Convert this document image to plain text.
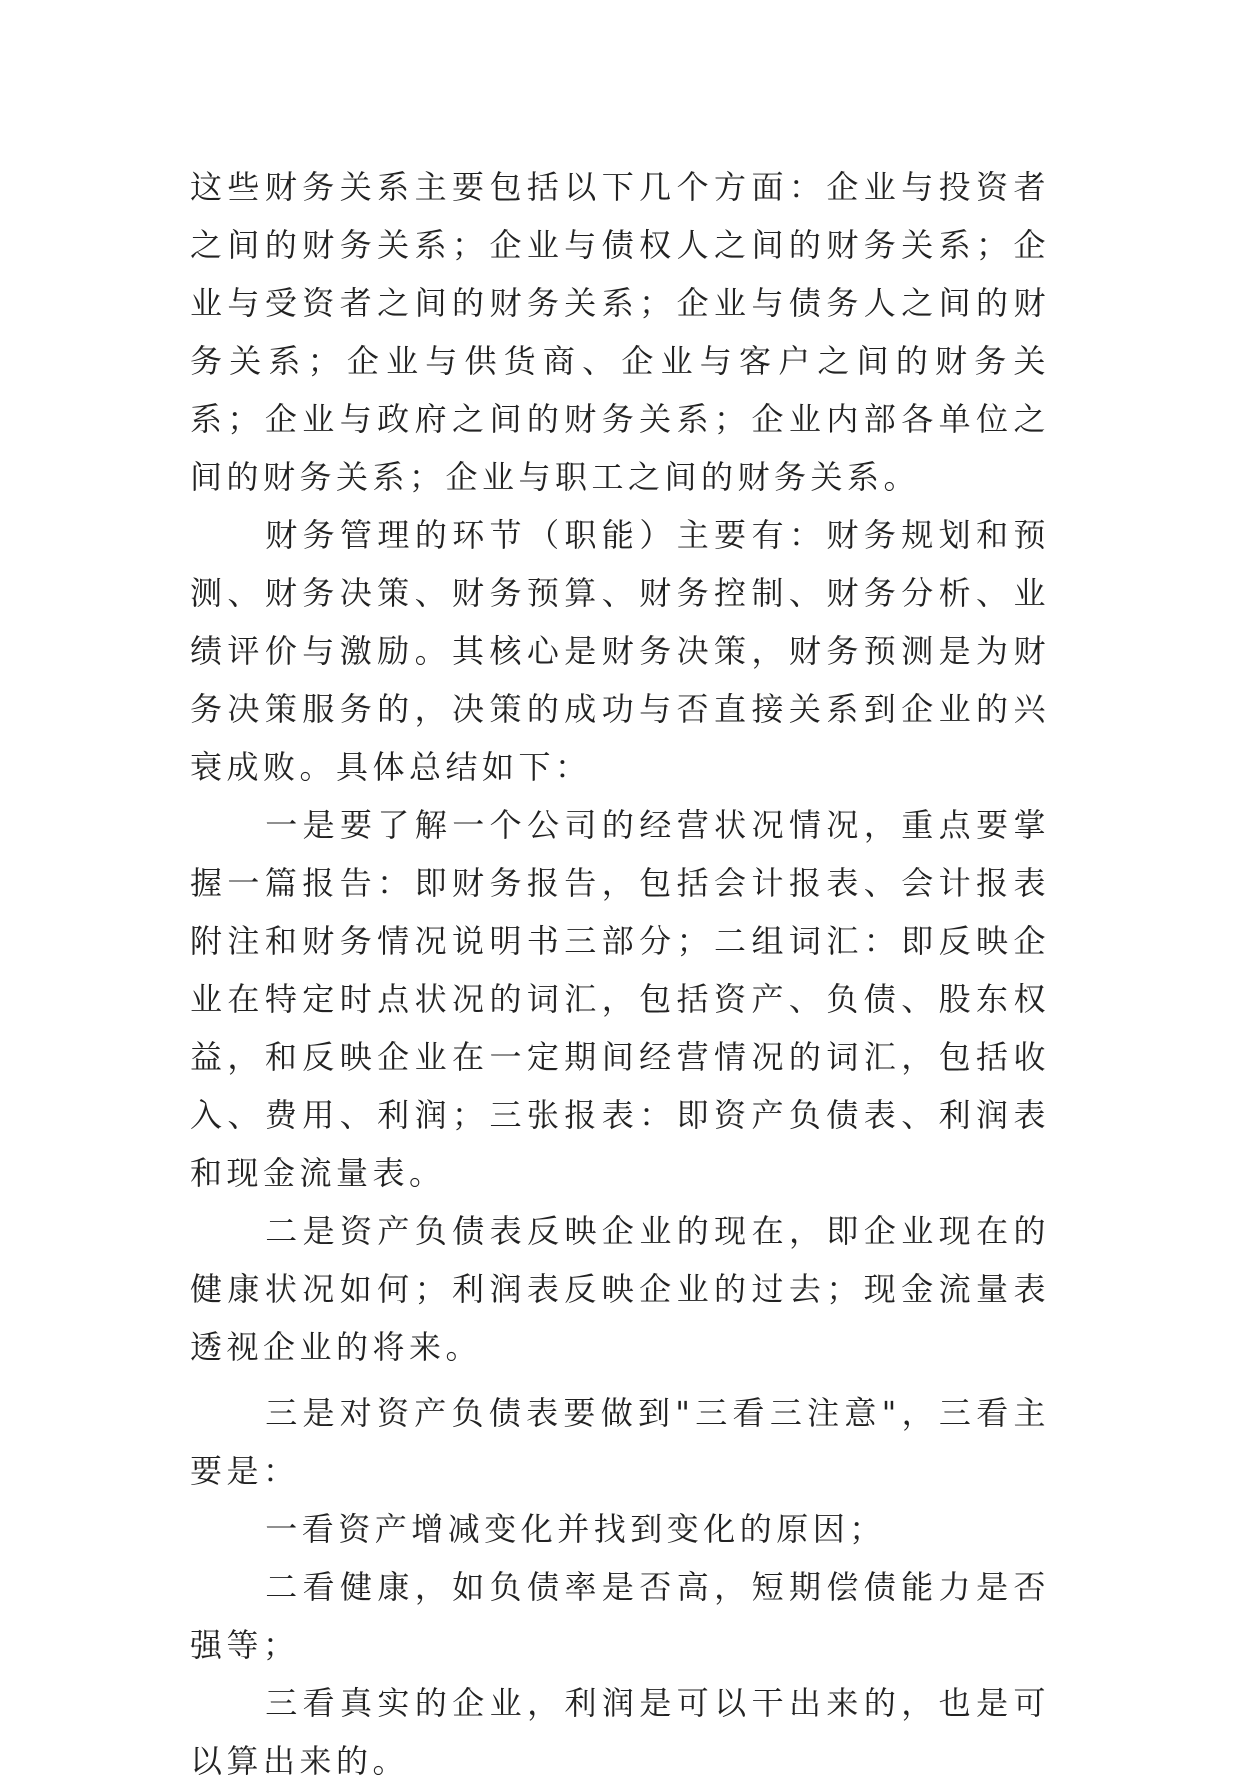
这些财务关系主要包括以下几个方面：企业与投资者之间的财务关系；企业与债权人之间的财务关系；企业与受资者之间的财务关系；企业与债务人之间的财务关系；企业与供货商、企业与客户之间的财务关系；企业与政府之间的财务关系；企业内部各单位之间的财务关系；企业与职工之间的财务关系。

财务管理的环节（职能）主要有：财务规划和预测、财务决策、财务预算、财务控制、财务分析、业绩评价与激励。其核心是财务决策，财务预测是为财务决策服务的，决策的成功与否直接关系到企业的兴衰成败。具体总结如下：

一是要了解一个公司的经营状况情况，重点要掌握一篇报告：即财务报告，包括会计报表、会计报表附注和财务情况说明书三部分；二组词汇：即反映企业在特定时点状况的词汇，包括资产、负债、股东权益，和反映企业在一定期间经营情况的词汇，包括收入、费用、利润；三张报表：即资产负债表、利润表和现金流量表。

二是资产负债表反映企业的现在，即企业现在的健康状况如何；利润表反映企业的过去；现金流量表透视企业的将来。

三是对资产负债表要做到"三看三注意"，三看主要是：

一看资产增减变化并找到变化的原因；

二看健康，如负债率是否高，短期偿债能力是否强等；

三看真实的企业，利润是可以干出来的，也是可以算出来的。
